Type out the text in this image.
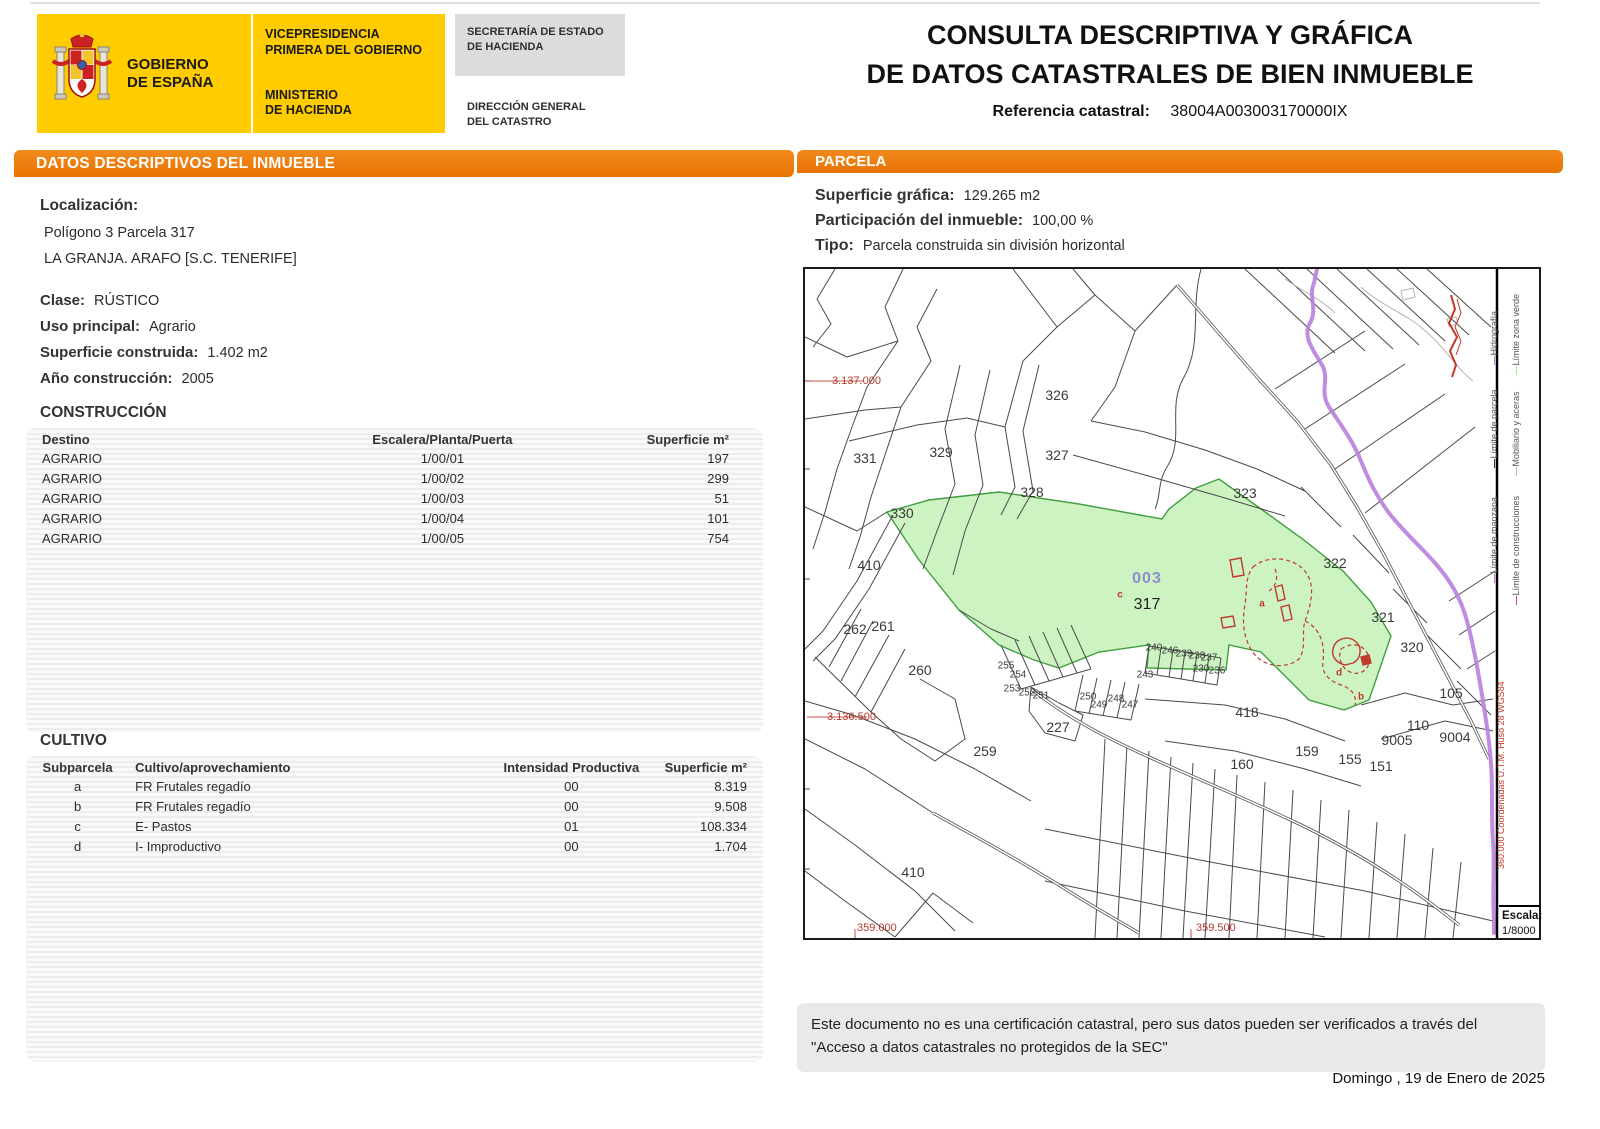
GOBIERNO
DE ESPAÑA
VICEPRESIDENCIA
PRIMERA DEL GOBIERNO
MINISTERIO
DE HACIENDA
SECRETARÍA DE ESTADO
DE HACIENDA
DIRECCIÓN GENERAL
DEL CATASTRO
CONSULTA DESCRIPTIVA Y GRÁFICA
DE DATOS CATASTRALES DE BIEN INMUEBLE
Referencia catastral: 38004A003003170000IX
DATOS DESCRIPTIVOS DEL INMUEBLE
Localización:
Polígono 3 Parcela 317
LA GRANJA. ARAFO [S.C. TENERIFE]
Clase: RÚSTICO
Uso principal: Agrario
Superficie construida: 1.402 m2
Año construcción: 2005
CONSTRUCCIÓN
Destino	Escalera/Planta/Puerta	Superficie m²
AGRARIO	1/00/01	197
AGRARIO	1/00/02	299
AGRARIO	1/00/03	51
AGRARIO	1/00/04	101
AGRARIO	1/00/05	754
CULTIVO
Subparcela	Cultivo/aprovechamiento	Intensidad Productiva	Superficie m²
a	FR Frutales regadío	00	8.319
b	FR Frutales regadío	00	9.508
c	E- Pastos	01	108.334
d	I- Improductivo	00	1.704
PARCELA
Superficie gráfica: 129.265 m2
Participación del inmueble: 100,00 %
Tipo: Parcela construida sin división horizontal
3.137.000
3.136.500
359.000	359.500
003
317
c
a
d
b
326
327
328
329
331
330
410
262 261
260
259
410
227
323
322
321
320
105
110
9004
9005
151
155
159
160
418
243
250
249
248
247
255
254
253
252
251
240 246
239
238
237
230 236
— Hidrografía
— Límite zona verde
— Límite de parcela
— Mobiliario y aceras
— Límite de manzana
— Límite de construcciones
360.000 Coordenadas U.T.M. Huso 28 WGS84
Escala:
1/8000
Este documento no es una certificación catastral, pero sus datos pueden ser verificados a través del "Acceso a datos catastrales no protegidos de la SEC"
Domingo , 19 de Enero de 2025
